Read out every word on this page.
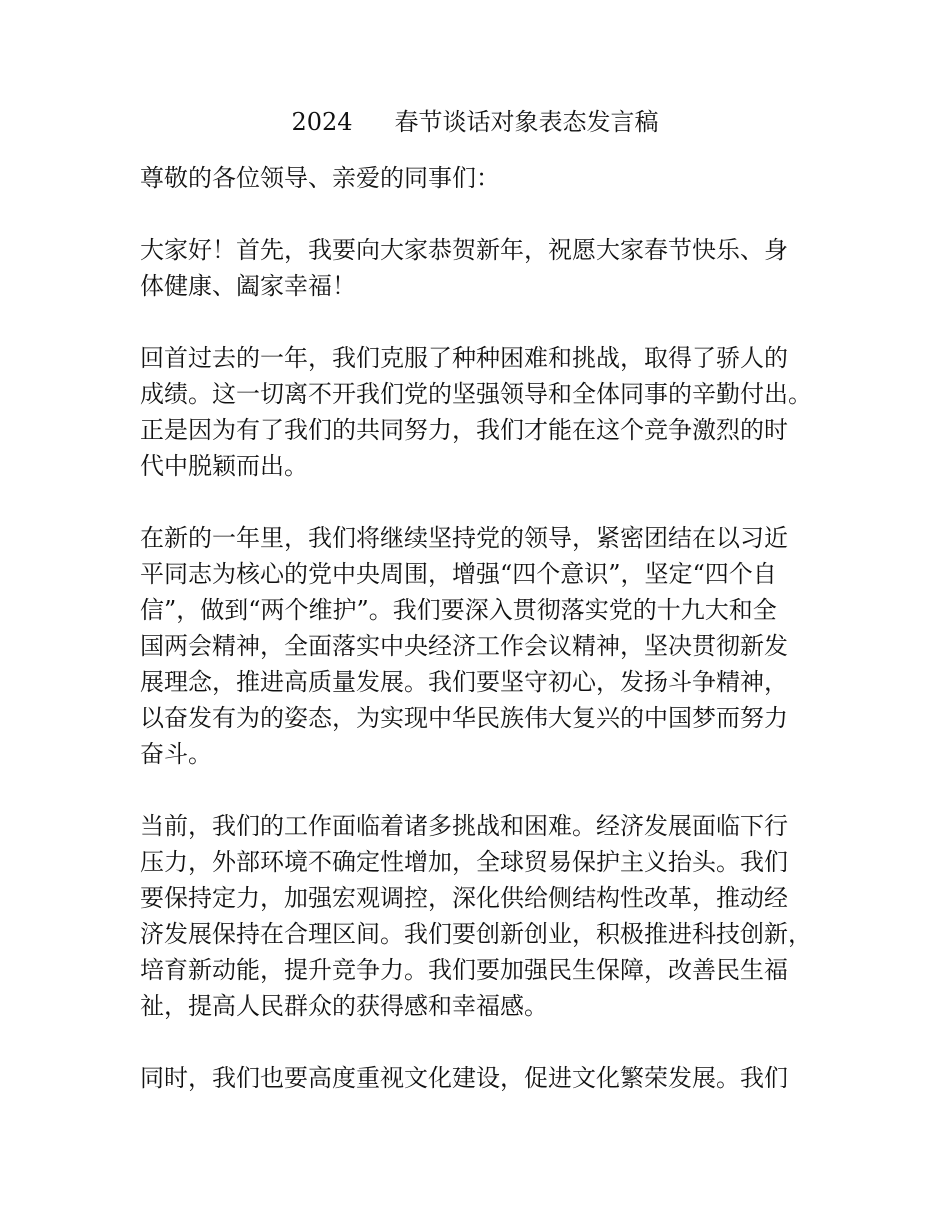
2024 春节谈话对象表态发言稿
尊敬的各位领导、亲爱的同事们：
大家好！首先，我要向大家恭贺新年，祝愿大家春节快乐、身
体健康、阖家幸福！
回首过去的一年，我们克服了种种困难和挑战，取得了骄人的
成绩。这一切离不开我们党的坚强领导和全体同事的辛勤付出。
正是因为有了我们的共同努力，我们才能在这个竞争激烈的时
代中脱颖而出。
在新的一年里，我们将继续坚持党的领导，紧密团结在以习近
平同志为核心的党中央周围，增强“四个意识”，坚定“四个自
信”，做到“两个维护”。我们要深入贯彻落实党的十九大和全
国两会精神，全面落实中央经济工作会议精神，坚决贯彻新发
展理念，推进高质量发展。我们要坚守初心，发扬斗争精神，
以奋发有为的姿态，为实现中华民族伟大复兴的中国梦而努力
奋斗。
当前，我们的工作面临着诸多挑战和困难。经济发展面临下行
压力，外部环境不确定性增加，全球贸易保护主义抬头。我们
要保持定力，加强宏观调控，深化供给侧结构性改革，推动经
济发展保持在合理区间。我们要创新创业，积极推进科技创新，
培育新动能，提升竞争力。我们要加强民生保障，改善民生福
祉，提高人民群众的获得感和幸福感。
同时，我们也要高度重视文化建设，促进文化繁荣发展。我们
